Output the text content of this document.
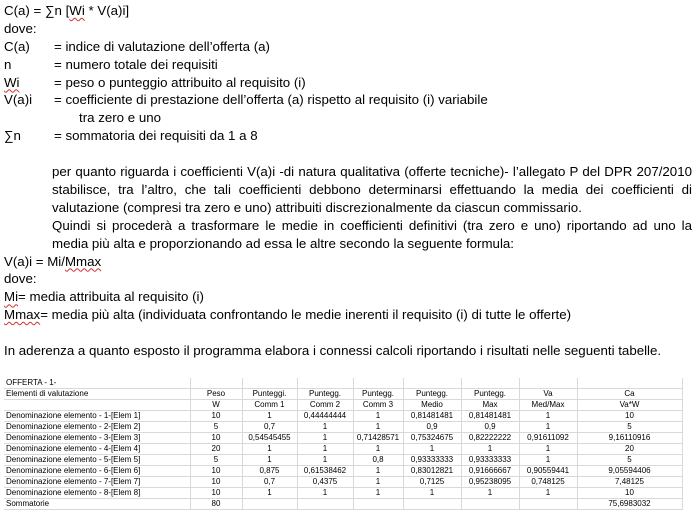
C(a) = ∑n [Wi * V(a)i]
dove:
C(a)	= indice di valutazione dell’offerta (a)
n	= numero totale dei requisiti
Wi	= peso o punteggio attribuito al requisito (i)
V(a)i	= coefficiente di prestazione dell’offerta (a) rispetto al requisito (i) variabile
tra zero e uno
∑n	= sommatoria dei requisiti da 1 a 8

per quanto riguarda i coefficienti V(a)i -di natura qualitativa (offerte tecniche)- l’allegato P del DPR 207/2010 stabilisce, tra l’altro, che tali coefficienti debbono determinarsi effettuando la media dei coefficienti di valutazione (compresi tra zero e uno) attribuiti discrezionalmente da ciascun commissario.

Quindi si procederà a trasformare le medie in coefficienti definitivi (tra zero e uno) riportando ad uno la media più alta e proporzionando ad essa le altre secondo la seguente formula:

V(a)i = Mi/Mmax
dove:
Mi= media attribuita al requisito (i)
Mmax= media più alta (individuata confrontando le medie inerenti il requisito (i) di tutte le offerte)
In aderenza a quanto esposto il programma elabora i connessi calcoli riportando i risultati nelle seguenti tabelle.
OFFERTA - 1-								
Elementi di valutazione	Peso	Punteggi.	Puntegg.	Puntegg.	Puntegg.	Puntegg.	Va	Ca
	W	Comm 1	Comm 2	Comm 3	Medio	Max	Med/Max	Va*W
Denominazione elemento - 1-[Elem 1]	10	1	0,44444444	1	0,81481481	0,81481481	1	10
Denominazione elemento - 2-[Elem 2]	5	0,7	1	1	0,9	0,9	1	5
Denominazione elemento - 3-[Elem 3]	10	0,54545455	1	0,71428571	0,75324675	0,82222222	0,91611092	9,16110916
Denominazione elemento - 4-[Elem 4]	20	1	1	1	1	1	1	20
Denominazione elemento - 5-[Elem 5]	5	1	1	0,8	0,93333333	0,93333333	1	5
Denominazione elemento - 6-[Elem 6]	10	0,875	0,61538462	1	0,83012821	0,91666667	0,90559441	9,05594406
Denominazione elemento - 7-[Elem 7]	10	0,7	0,4375	1	0,7125	0,95238095	0,748125	7,48125
Denominazione elemento - 8-[Elem 8]	10	1	1	1	1	1	1	10
Sommatorie	80							75,6983032
